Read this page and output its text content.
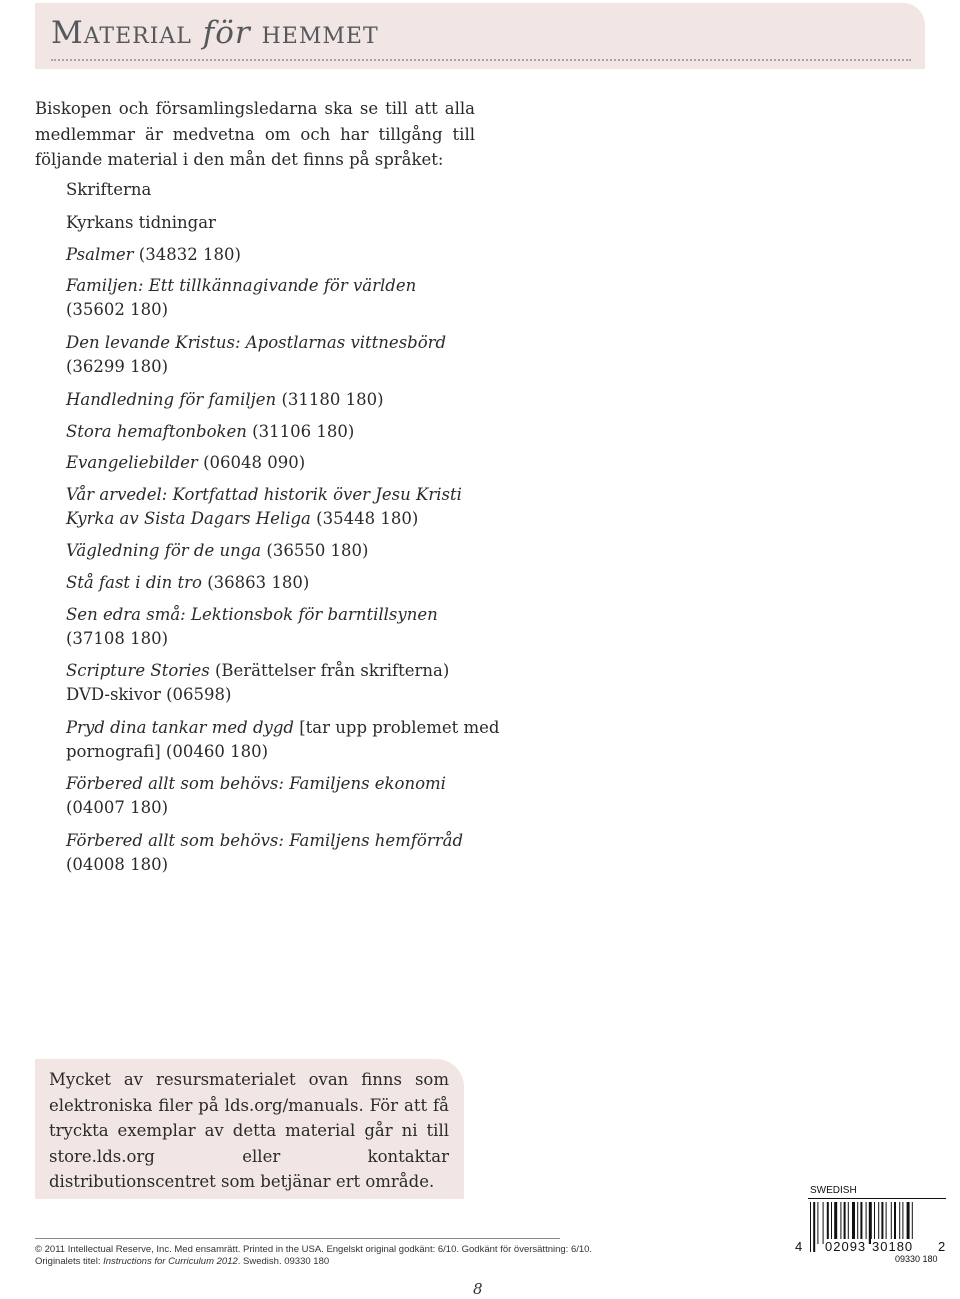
Material för hemmet
Biskopen och församlingsledarna ska se till att alla medlemmar är medvetna om och har tillgång till följande material i den mån det finns på språket:
Skrifterna
Kyrkans tidningar
Psalmer (34832 180)
Familjen: Ett tillkännagivande för världen
(35602 180)
Den levande Kristus: Apostlarnas vittnesbörd
(36299 180)
Handledning för familjen (31180 180)
Stora hemaftonboken (31106 180)
Evangeliebilder (06048 090)
Vår arvedel: Kortfattad historik över Jesu Kristi
Kyrka av Sista Dagars Heliga (35448 180)
Vägledning för de unga (36550 180)
Stå fast i din tro (36863 180)
Sen edra små: Lektionsbok för barntillsynen
(37108 180)
Scripture Stories (Berättelser från skrifterna)
DVD-skivor (06598)
Pryd dina tankar med dygd [tar upp problemet med
pornografi] (00460 180)
Förbered allt som behövs: Familjens ekonomi
(04007 180)
Förbered allt som behövs: Familjens hemförråd
(04008 180)
Mycket av resursmaterialet ovan finns som elektroniska filer på lds.org/manuals. För att få tryckta exemplar av detta material går ni till store.lds.org eller kontaktar distributionscentret som betjänar ert område.	SWEDISH
4 02093 30180 2
09330 180
© 2011 Intellectual Reserve, Inc. Med ensamrätt. Printed in the USA. Engelskt original godkänt: 6/10. Godkänt för översättning: 6/10.
Originalets titel: Instructions for Curriculum 2012. Swedish. 09330 180
8
